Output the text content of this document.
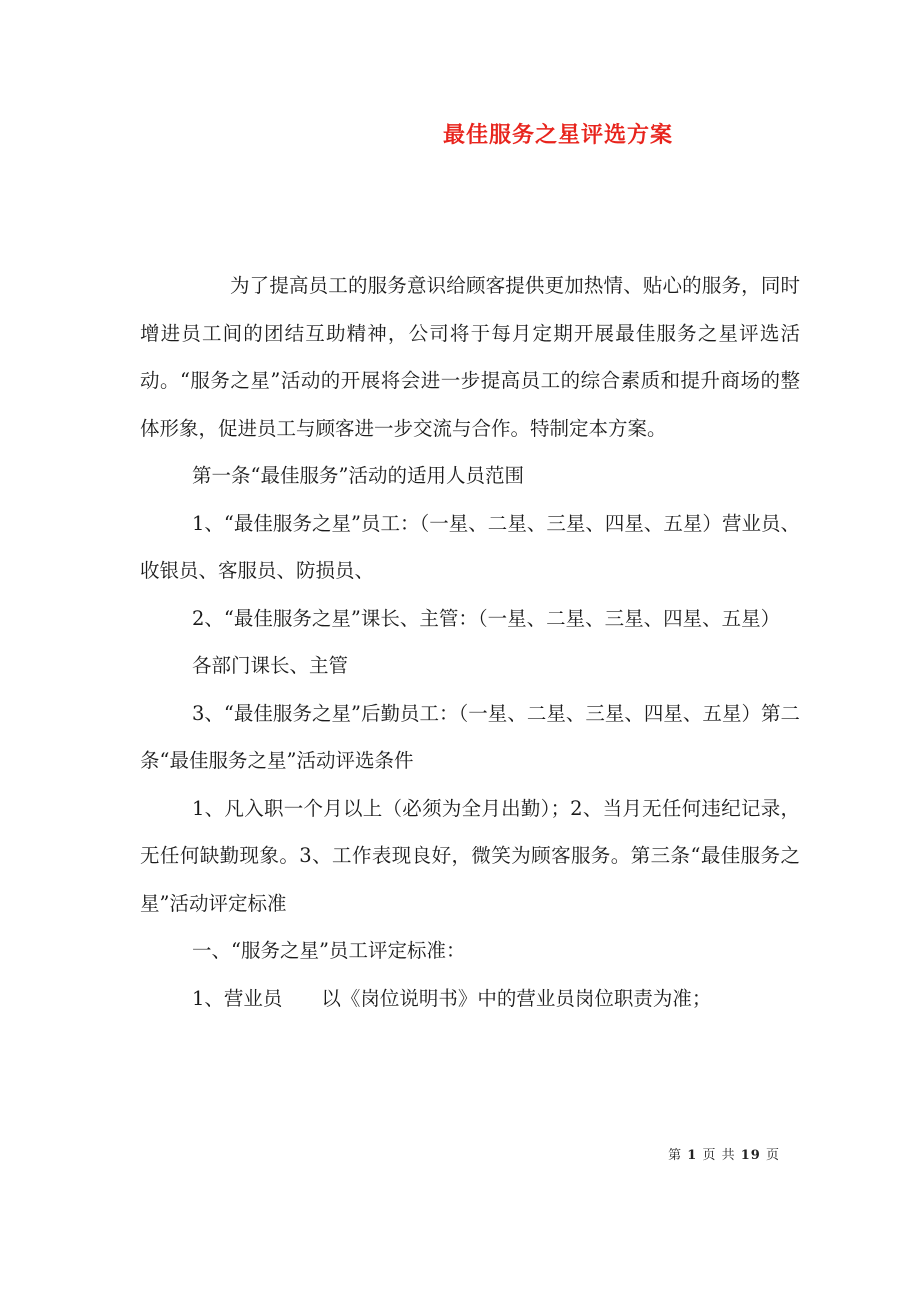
最佳服务之星评选方案

为了提高员工的服务意识给顾客提供更加热情、贴心的服务，同时增进员工间的团结互助精神，公司将于每月定期开展最佳服务之星评选活动。“服务之星”活动的开展将会进一步提高员工的综合素质和提升商场的整体形象，促进员工与顾客进一步交流与合作。特制定本方案。

第一条“最佳服务”活动的适用人员范围

1、“最佳服务之星”员工：（一星、二星、三星、四星、五星）营业员、收银员、客服员、防损员、

2、“最佳服务之星”课长、主管：（一星、二星、三星、四星、五星）

各部门课长、主管

3、“最佳服务之星”后勤员工：（一星、二星、三星、四星、五星）第二条“最佳服务之星”活动评选条件

1、凡入职一个月以上（必须为全月出勤）；2、当月无任何违纪记录，无任何缺勤现象。3、工作表现良好，微笑为顾客服务。第三条“最佳服务之星”活动评定标准

一、“服务之星”员工评定标准：

1、营业员　　以《岗位说明书》中的营业员岗位职责为准；

第 1 页 共 19 页
